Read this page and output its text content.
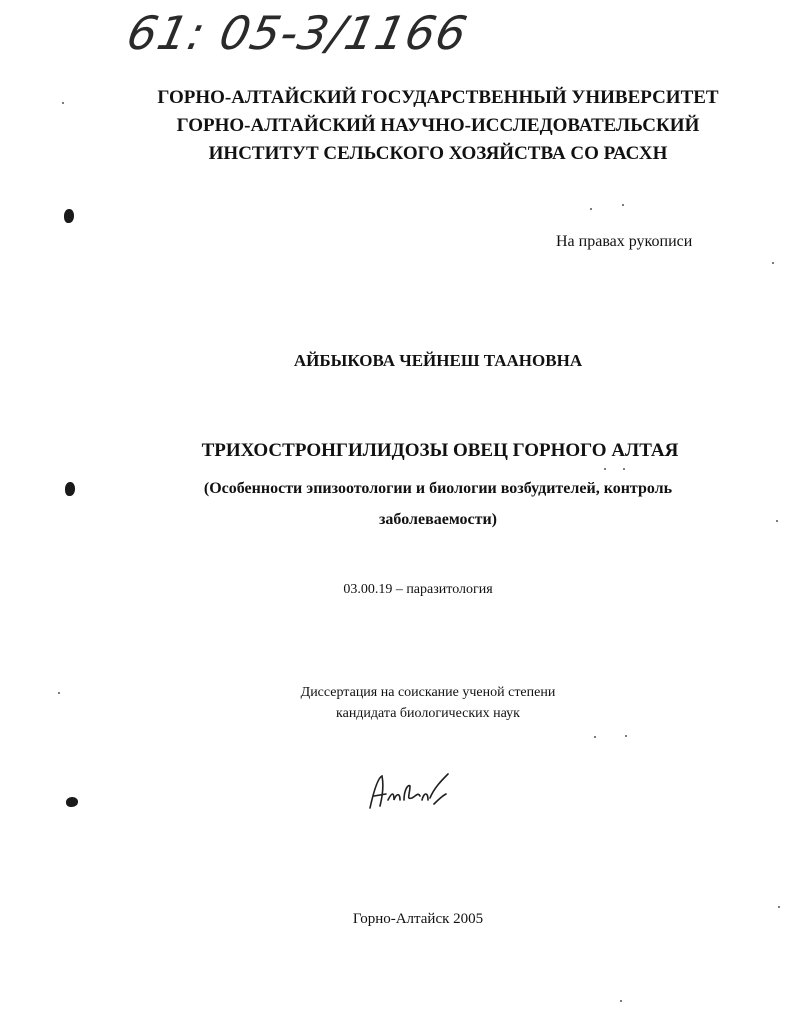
61: 05-3/1166
ГОРНО-АЛТАЙСКИЙ ГОСУДАРСТВЕННЫЙ УНИВЕРСИТЕТ
ГОРНО-АЛТАЙСКИЙ НАУЧНО-ИССЛЕДОВАТЕЛЬСКИЙ
ИНСТИТУТ СЕЛЬСКОГО ХОЗЯЙСТВА СО РАСХН
На правах рукописи
АЙБЫКОВА ЧЕЙНЕШ ТААНОВНА
ТРИХОСТРОНГИЛИДОЗЫ ОВЕЦ ГОРНОГО АЛТАЯ
(Особенности эпизоотологии и биологии возбудителей, контроль
заболеваемости)
03.00.19 – паразитология
Диссертация на соискание ученой степени
кандидата биологических наук
Горно-Алтайск 2005
